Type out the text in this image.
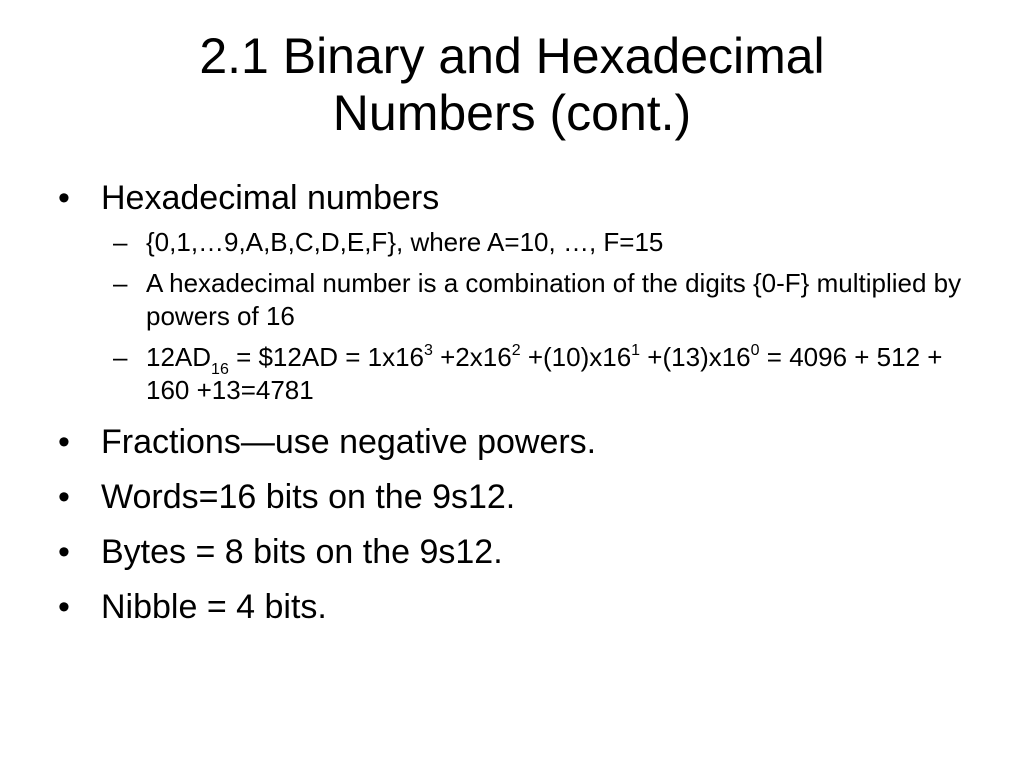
2.1 Binary and Hexadecimal
Numbers (cont.)
• Hexadecimal numbers
– {0,1,…9,A,B,C,D,E,F}, where A=10, …, F=15
– A hexadecimal number is a combination of the digits {0-F} multiplied by powers of 16
– $12AD_{16}$ = $12AD = $1x16^3 +2x16^2 +(10)x16^1 +(13)x16^0 = 4096 + 512 + 160 +13=4781$
• Fractions—use negative powers.
• Words=16 bits on the 9s12.
• Bytes = 8 bits on the 9s12.
• Nibble = 4 bits.
